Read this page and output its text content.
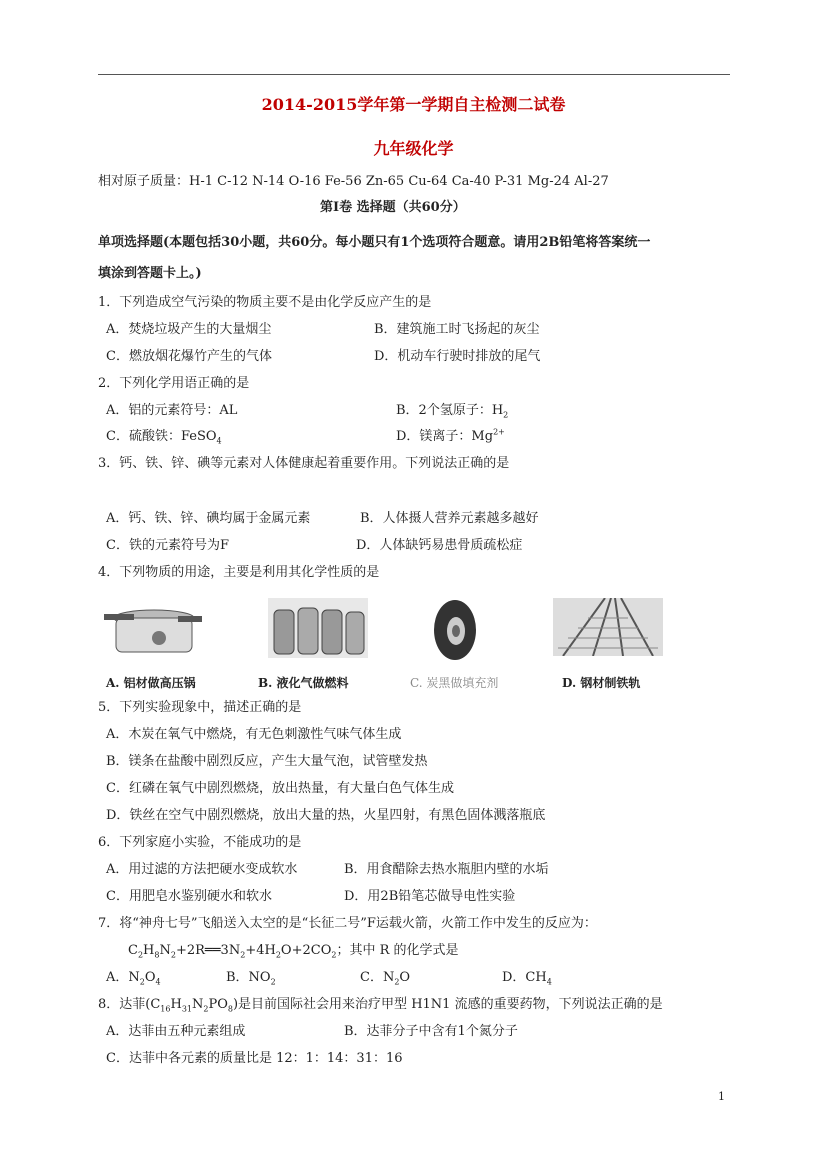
2014-2015学年第一学期自主检测二试卷
九年级化学
相对原子质量：H-1 C-12 N-14 O-16 Fe-56 Zn-65 Cu-64 Ca-40 P-31 Mg-24 Al-27
第Ⅰ卷 选择题（共60分）
单项选择题(本题包括30小题，共60分。每小题只有1个选项符合题意。请用2B铅笔将答案统一
填涂到答题卡上。)
1．下列造成空气污染的物质主要不是由化学反应产生的是
A．焚烧垃圾产生的大量烟尘	B．建筑施工时飞扬起的灰尘
C．燃放烟花爆竹产生的气体	D．机动车行驶时排放的尾气
2．下列化学用语正确的是
A．铝的元素符号：AL	B．2个氢原子：$H_2$
C．硫酸铁：FeSO$_4$	D．镁离子：$Mg^{2+}$
3．钙、铁、锌、碘等元素对人体健康起着重要作用。下列说法正确的是
A．钙、铁、锌、碘均属于金属元素	B．人体摄人营养元素越多越好
C．铁的元素符号为F	D．人体缺钙易患骨质疏松症
4．下列物质的用途，主要是利用其化学性质的是
A. 铝材做高压锅	B. 液化气做燃料	C. 炭黑做填充剂	D. 钢材制铁轨
5．下列实验现象中，描述正确的是
A．木炭在氧气中燃烧，有无色刺激性气味气体生成
B．镁条在盐酸中剧烈反应，产生大量气泡，试管壁发热
C．红磷在氧气中剧烈燃烧，放出热量，有大量白色气体生成
D．铁丝在空气中剧烈燃烧，放出大量的热，火星四射，有黑色固体溅落瓶底
6．下列家庭小实验，不能成功的是
A．用过滤的方法把硬水变成软水	B．用食醋除去热水瓶胆内壁的水垢
C．用肥皂水鉴别硬水和软水	D．用2B铅笔芯做导电性实验
7．将“神舟七号”飞船送入太空的是“长征二号”F运载火箭，火箭工作中发生的反应为：
$C_2H_8N_2+2R══3N_2+4H_2O+2CO_2$；其中 R 的化学式是
A．$N_2O_4$	B．$NO_2$	C．$N_2O$	D．$CH_4$
8．达菲$(C_{16}H_{31}N_2PO_8)$是目前国际社会用来治疗甲型 H1N1 流感的重要药物，下列说法正确的是
A．达菲由五种元素组成	B．达菲分子中含有1个氮分子
C．达菲中各元素的质量比是 12：1：14：31：16
1
